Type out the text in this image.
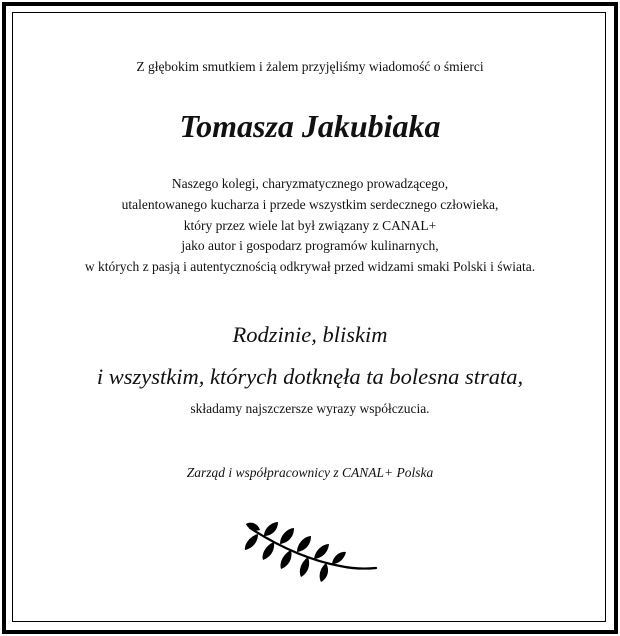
Z głębokim smutkiem i żalem przyjęliśmy wiadomość o śmierci
Tomasza Jakubiaka
Naszego kolegi, charyzmatycznego prowadzącego,
utalentowanego kucharza i przede wszystkim serdecznego człowieka,
który przez wiele lat był związany z CANAL+
jako autor i gospodarz programów kulinarnych,
w których z pasją i autentycznością odkrywał przed widzami smaki Polski i świata.
Rodzinie, bliskim
i wszystkim, których dotknęła ta bolesna strata,
składamy najszczersze wyrazy współczucia.
Zarząd i współpracownicy z CANAL+ Polska
